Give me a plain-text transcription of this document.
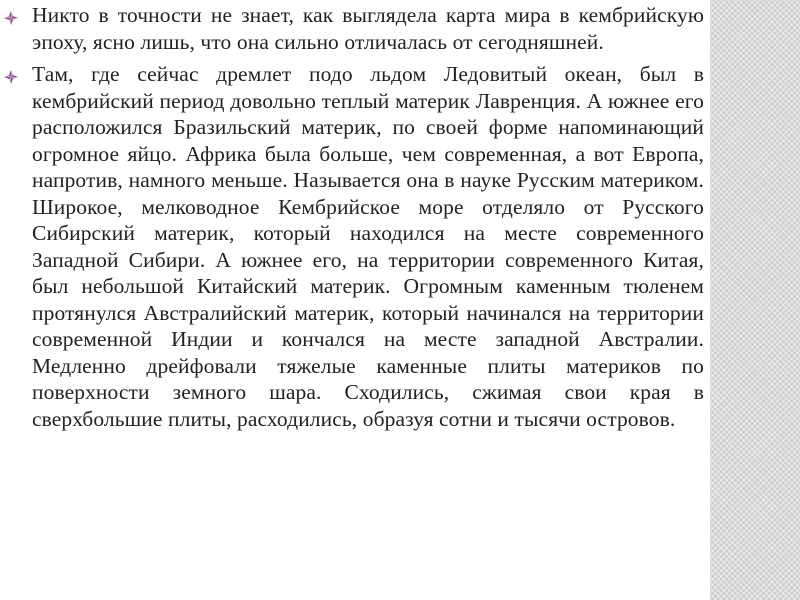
Никто в точности не знает, как выглядела карта мира в кембрийскую эпоху, ясно лишь, что она сильно отличалась от сегодняшней.

Там, где сейчас дремлет подо льдом Ледовитый океан, был в кембрийский период довольно теплый материк Лавренция. А южнее его расположился Бразильский материк, по своей форме напоминающий огромное яйцо. Африка была больше, чем современная, а вот Европа, напротив, намного меньше. Называется она в науке Русским материком. Широкое, мелководное Кембрийское море отделяло от Русского Сибирский материк, который находился на месте современного Западной Сибири. А южнее его, на территории современного Китая, был небольшой Китайский материк. Огромным каменным тюленем протянулся Австралийский материк, который начинался на территории современной Индии и кончался на месте западной Австралии. Медленно дрейфовали тяжелые каменные плиты материков по поверхности земного шара. Сходились, сжимая свои края в сверхбольшие плиты, расходились, образуя сотни и тысячи островов.
